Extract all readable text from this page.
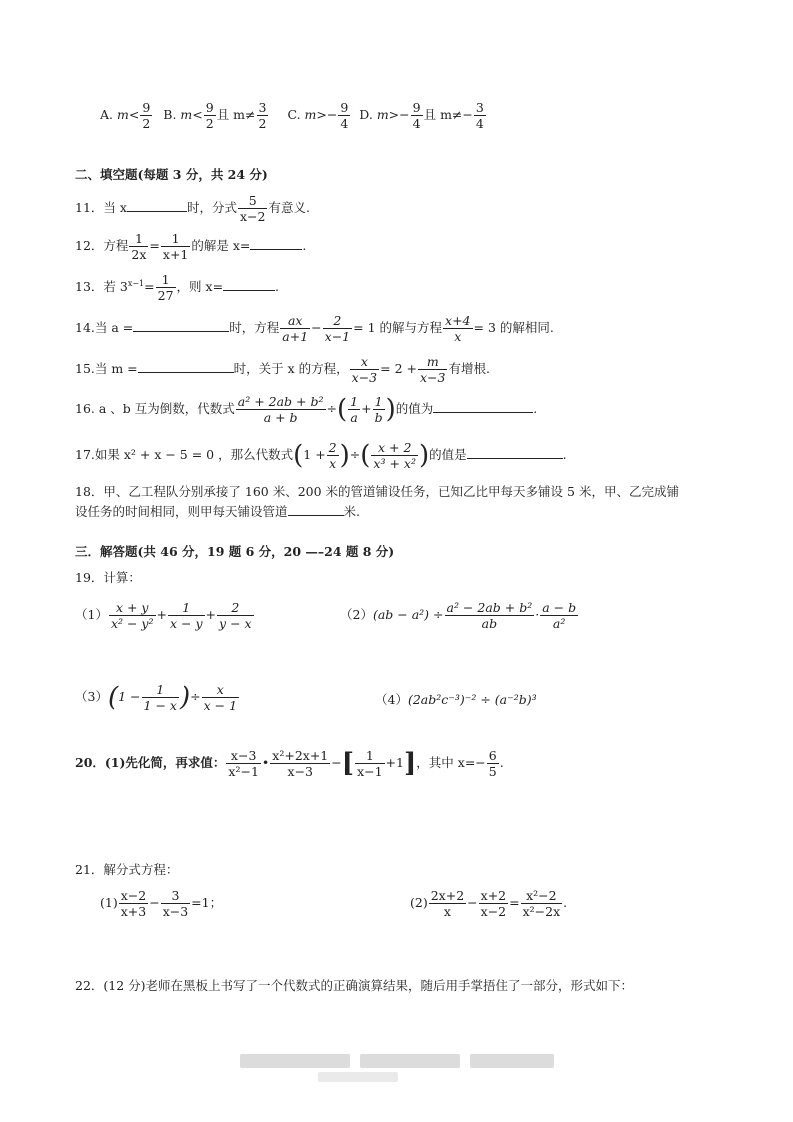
A. $m< \frac{9}{2} B$. $m< \frac{9}{2}$ 且 $m\ne \frac{3}{2} C$. $m>- \frac{9}{4} D$. $m>- \frac{9}{4}$ 且 $m\ne- \frac{3}{4}$
二、填空题(每题 3 分，共 24 分)
11．当 x	时，分式 $\frac{5}{x-2}$ 有意义.
12．方程 $\frac{1}{2x} = \frac{1}{x+1}$ 的解是 x=	.
13．若 $3^{x-1}= \frac{1}{27}$ ，则 x=	.
14.当 a =	时，方程 $\frac{ax}{a+1} - \frac{2}{x-1} = 1$ 的解与方程 $\frac{x+4}{x} = 3$ 的解相同.
15.当 m =	时，关于 x 的方程， $\frac{x}{x-3} = 2 + \frac{m}{x-3}$ 有增根.
16. a 、b 互为倒数，代数式 $\frac{\text{a² + 2ab + b²}}{a + b}$ ÷( $\frac{1}{a} + \frac{1}{b}$ )的值为	.
17.如果 x² + x − 5 = 0 ，那么代数式($1 + \frac{2}{x}$ )÷( $\frac{x + 2}{\text{x³ + x²}}$ )的值是	.
18．甲、乙工程队分别承接了 160 米、200 米的管道铺设任务，已知乙比甲每天多铺设 5 米，甲、乙完成铺
设任务的时间相同，则甲每天铺设管道	米.
三．解答题(共 46 分，19 题 6 分，20 —–24 题 8 分)
19．计算：
$(1) \frac{x + y}{\text{x² − y²}} + \frac{1}{x - y} + \frac{2}{y - x}$	$(2)(ab - a^2) \div \frac{\text{a² − 2ab + b²}}{ab} \cdot \frac{a - b}{\text{a²}}$
$(3)(1 - \frac{1}{1 - x}$ )÷ $\frac{x}{x - 1}$	（4）(2ab²c⁻³)⁻² ÷ (a⁻²b)³
20．(1)先化简，再求值： $\frac{x-3}{\text{x²−1}}$ • $\frac{\text{x²+2x+1}}{x-3}$ −[ $\frac{1}{x-1} +1$]，其中 $x=- \frac{6}{5}$ .
21．解分式方程：
$(1) \frac{x-2}{x+3} - \frac{3}{x-3} =1$；	$(2) \frac{2x+2}{x} - \frac{x+2}{x-2} = \frac{\text{x²−2}}{\text{x²−2x}}$ .
22．(12 分)老师在黑板上书写了一个代数式的正确演算结果，随后用手掌捂住了一部分，形式如下：
